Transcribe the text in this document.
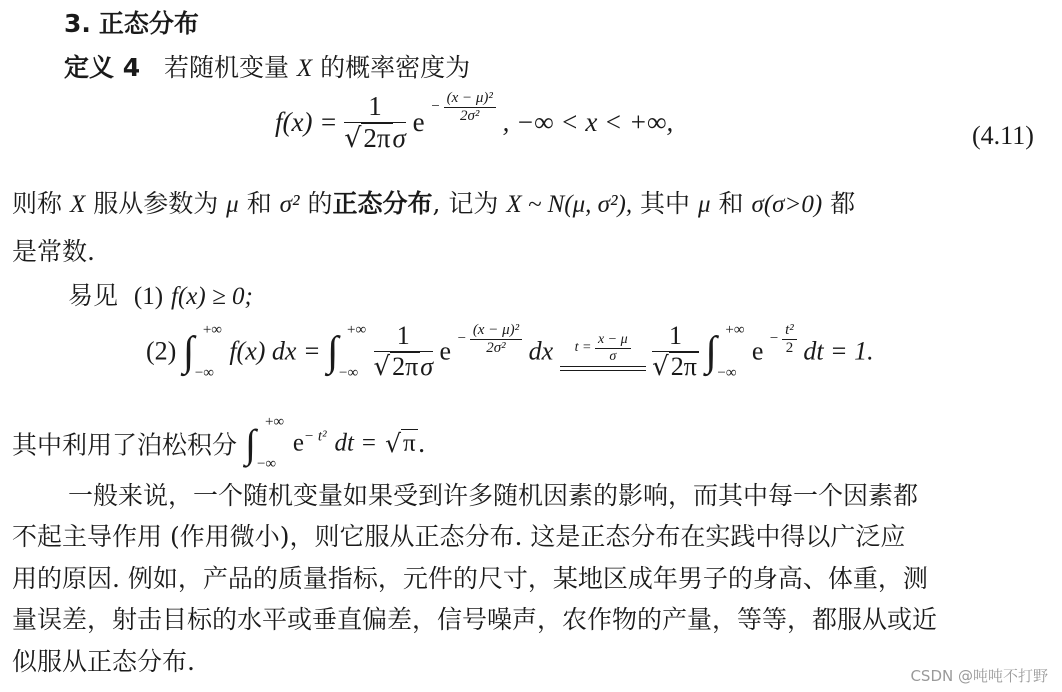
3. 正态分布
定义 4 若随机变量 X 的概率密度为
$f(x) = \frac{1}{√2\pi\sigma}$ $e - \frac{\text{(x − μ)²}}{\text{2σ²}}$ , −∞ < x < +∞,	(4.11)
则称 X 服从参数为 μ 和 σ² 的正态分布, 记为 X ~ N(μ, σ²), 其中 μ 和 σ(σ>0) 都
是常数.
易见 (1) f(x) ≥ 0;
(2) ∫ +∞
−∞
f(x) dx = ∫ +∞
−∞
$\frac{1}{√2\pi\sigma}$ $e - \frac{\text{(x − μ)²}}{\text{2σ²}}$ dx	$t = \frac{x - \mu}{\sigma}$
$\frac{1}{√2\pi}$ ∫ +∞
−∞
$e - \frac{\text{t²}}{2}$ dt = 1.
其中利用了泊松积分 ∫ +∞
−∞
$e^{- t^2}$ dt = √π.
一般来说，一个随机变量如果受到许多随机因素的影响，而其中每一个因素都
不起主导作用 (作用微小)，则它服从正态分布. 这是正态分布在实践中得以广泛应
用的原因. 例如，产品的质量指标，元件的尺寸，某地区成年男子的身高、体重，测
量误差，射击目标的水平或垂直偏差，信号噪声，农作物的产量，等等，都服从或近
似服从正态分布.	CSDN @吨吨不打野
